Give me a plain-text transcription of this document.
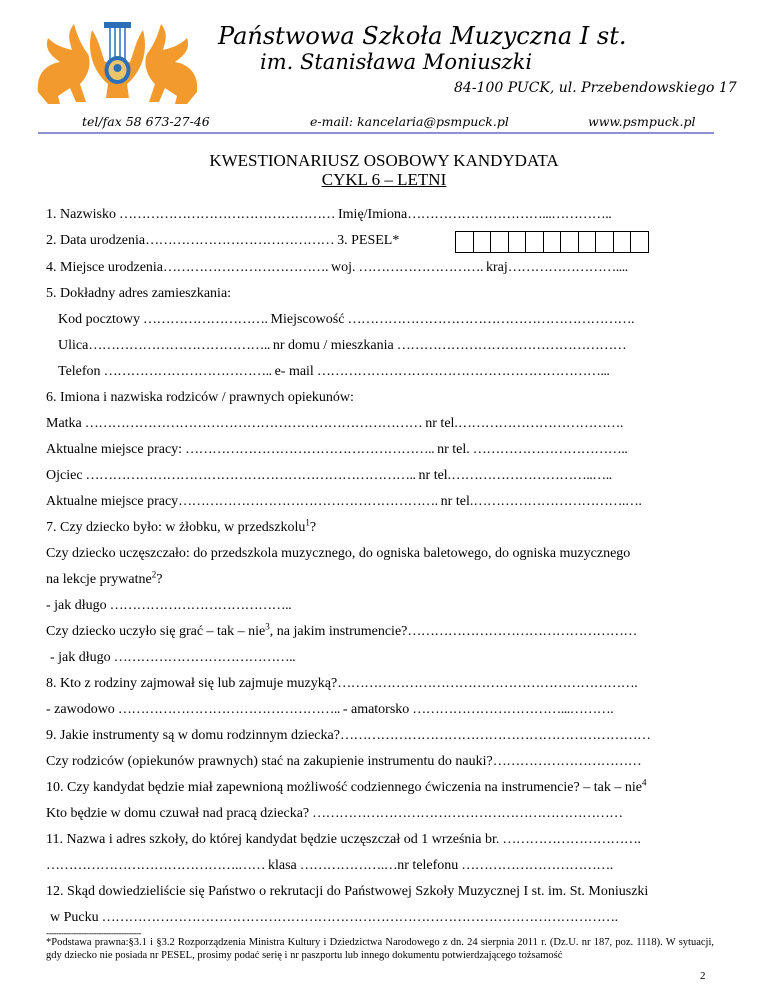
Państwowa Szkoła Muzyczna I st.
im. Stanisława Moniuszki
84-100 PUCK, ul. Przebendowskiego 17
tel/fax 58 673-27-46	e-mail: kancelaria@psmpuck.pl	www.psmpuck.pl
KWESTIONARIUSZ OSOBOWY KANDYDATA
CYKL 6 – LETNI
1. Nazwisko ………………………………………… Imię/Imiona…………………………...…………..
2. Data urodzenia…………………………………… 3. PESEL*
4. Miejsce urodzenia………………………………. woj. ………………………. kraj……………………....
5. Dokładny adres zamieszkania:
Kod pocztowy ………………………. Miejscowość ……………………………………………………….
Ulica………………………………….. nr domu / mieszkania ……………………………………………
Telefon ……………………………….. e- mail ………………………………………………………...
6. Imiona i nazwiska rodziców / prawnych opiekunów:
Matka ………………………………………………………………… nr tel.……………………………….
Aktualne miejsce pracy: ……………………………………………….. nr tel. ……………………………..
Ojciec ……………………………………………………………….. nr tel.…………………………..…..
Aktualne miejsce pracy…………………………………………………. nr tel.…………………………….….
7. Czy dziecko było: w żłobku, w przedszkolu$^1$?
Czy dziecko uczęszczało: do przedszkola muzycznego, do ogniska baletowego, do ogniska muzycznego
na lekcje prywatne$^2$?
- jak długo …………………………………..
Czy dziecko uczyło się grać – tak – nie$^3$, na jakim instrumencie?……………………………………………
- jak długo …………………………………..
8. Kto z rodziny zajmował się lub zajmuje muzyką?………………………………………………………….
- zawodowo ………………………………………….. - amatorsko ……………………………...……….
9. Jakie instrumenty są w domu rodzinnym dziecka?……………………………………………………………
Czy rodziców (opiekunów prawnych) stać na zakupienie instrumentu do nauki?……………………………
10. Czy kandydat będzie miał zapewnioną możliwość codziennego ćwiczenia na instrumencie? – tak – nie$^4$
Kto będzie w domu czuwał nad pracą dziecka? ……………………………………………………………
11. Nazwa i adres szkoły, do której kandydat będzie uczęszczał od 1 września br. ………………………….
…………………………………….…… klasa ……………….…nr telefonu …………………………….
12. Skąd dowiedzieliście się Państwo o rekrutacji do Państwowej Szkoły Muzycznej I st. im. St. Moniuszki
--------------------------------------
w Pucku …………………………………………………………………………………………………….
*Podstawa prawna:§3.1 i §3.2 Rozporządzenia Ministra Kultury i Dziedzictwa Narodowego z dn. 24 sierpnia 2011 r. (Dz.U. nr 187, poz. 1118). W sytuacji, gdy dziecko nie posiada nr PESEL, prosimy podać serię i nr paszportu lub innego dokumentu potwierdzającego tożsamość
2
